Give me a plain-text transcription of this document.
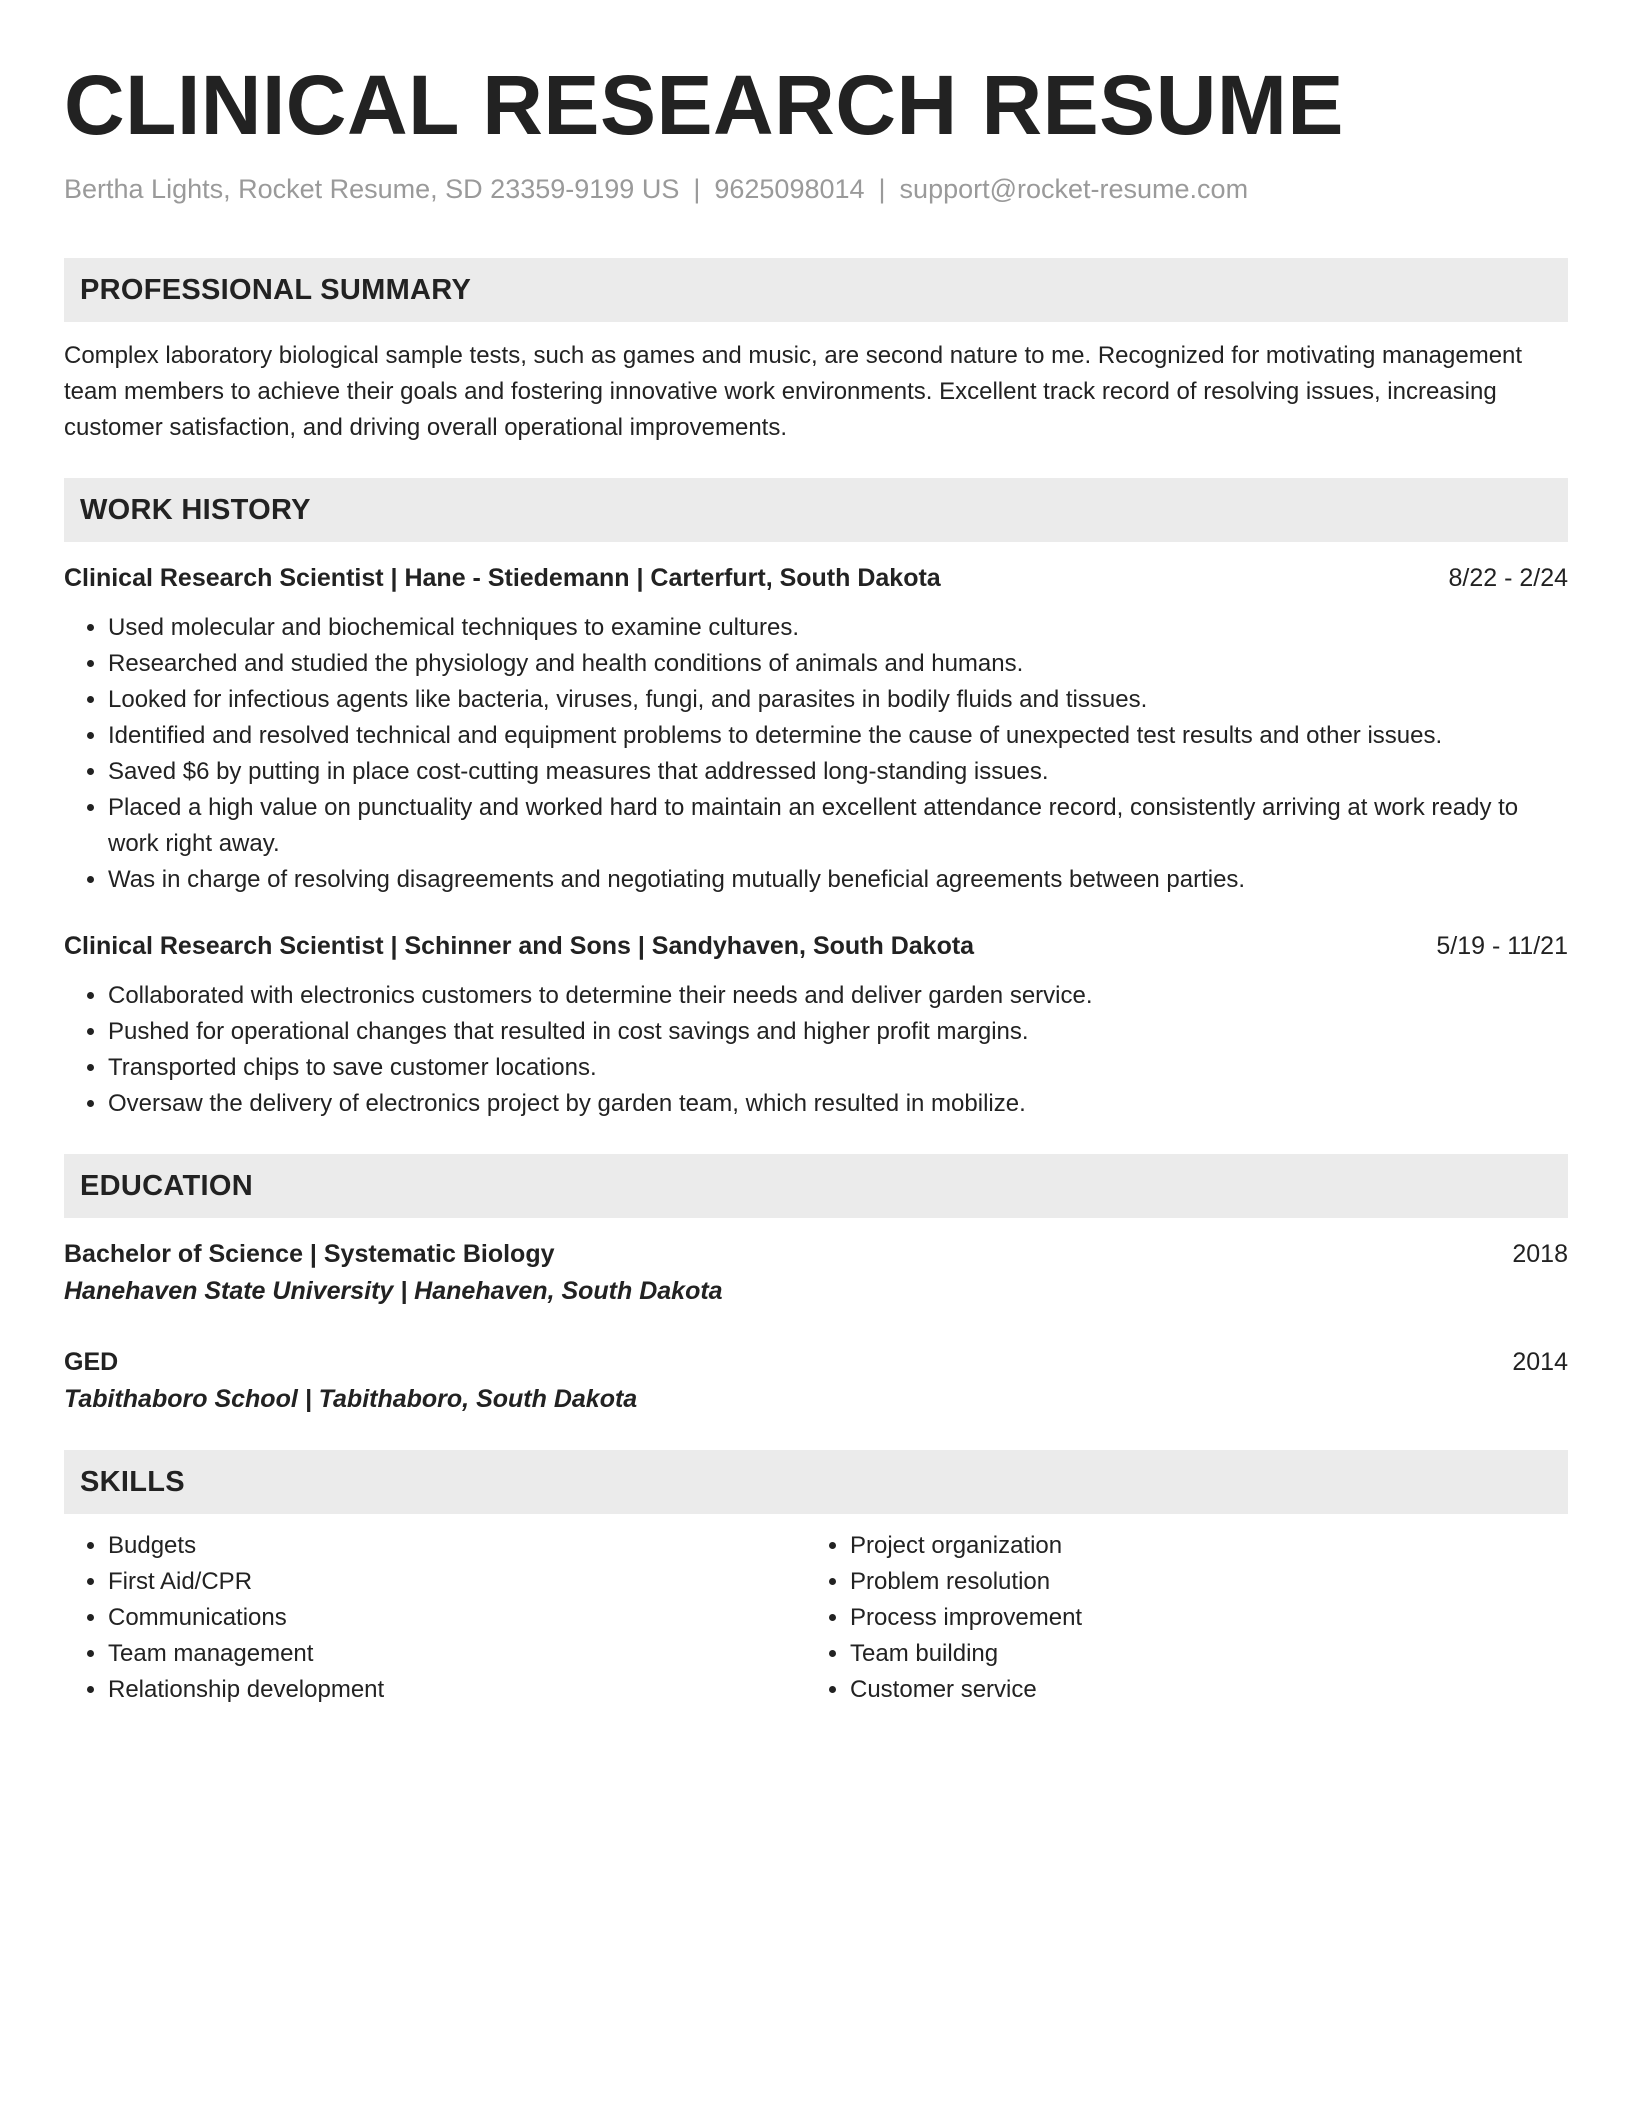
CLINICAL RESEARCH RESUME
Bertha Lights, Rocket Resume, SD 23359-9199 US | 9625098014 | support@rocket-resume.com
PROFESSIONAL SUMMARY
Complex laboratory biological sample tests, such as games and music, are second nature to me. Recognized for motivating management team members to achieve their goals and fostering innovative work environments. Excellent track record of resolving issues, increasing customer satisfaction, and driving overall operational improvements.
WORK HISTORY
Clinical Research Scientist | Hane - Stiedemann | Carterfurt, South Dakota	8/22 - 2/24
• Used molecular and biochemical techniques to examine cultures.
• Researched and studied the physiology and health conditions of animals and humans.
• Looked for infectious agents like bacteria, viruses, fungi, and parasites in bodily fluids and tissues.
• Identified and resolved technical and equipment problems to determine the cause of unexpected test results and other issues.
• Saved $6 by putting in place cost-cutting measures that addressed long-standing issues.
• Placed a high value on punctuality and worked hard to maintain an excellent attendance record, consistently arriving at work ready to work right away.
• Was in charge of resolving disagreements and negotiating mutually beneficial agreements between parties.
Clinical Research Scientist | Schinner and Sons | Sandyhaven, South Dakota	5/19 - 11/21
• Collaborated with electronics customers to determine their needs and deliver garden service.
• Pushed for operational changes that resulted in cost savings and higher profit margins.
• Transported chips to save customer locations.
• Oversaw the delivery of electronics project by garden team, which resulted in mobilize.
EDUCATION
Bachelor of Science | Systematic Biology	2018
Hanehaven State University | Hanehaven, South Dakota
GED	2014
Tabithaboro School | Tabithaboro, South Dakota
SKILLS
• Budgets
• First Aid/CPR
• Communications
• Team management
• Relationship development
• Project organization
• Problem resolution
• Process improvement
• Team building
• Customer service
